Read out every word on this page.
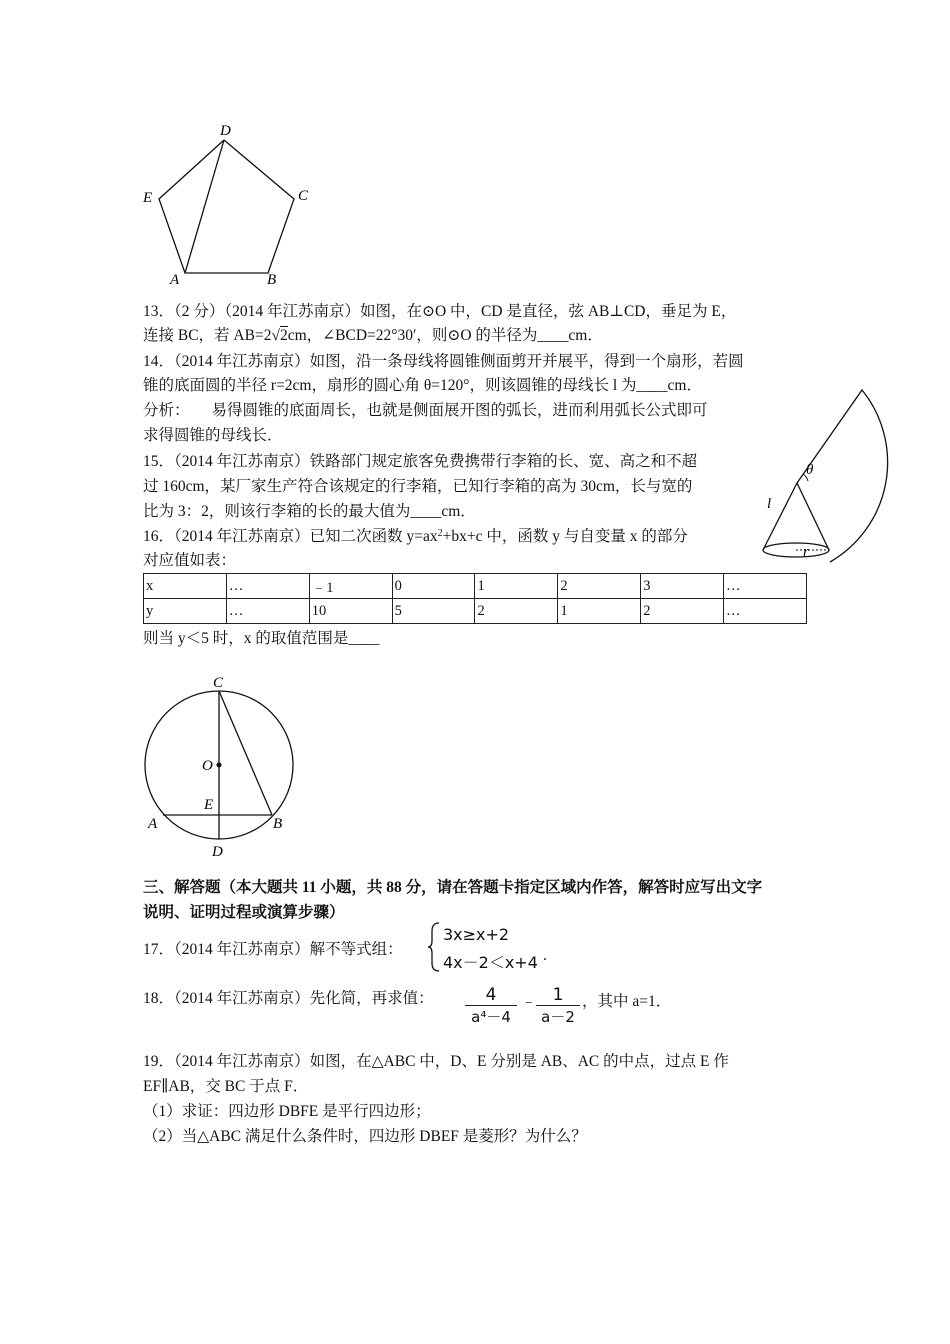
D
E	C
A	B
13．（2 分）（2014 年江苏南京）如图，在⊙O 中，CD 是直径，弦 AB⊥CD，垂足为 E，
连接 BC，若 AB=2√2cm，∠BCD=22°30′，则⊙O 的半径为____cm．
14．（2014 年江苏南京）如图，沿一条母线将圆锥侧面剪开并展平，得到一个扇形，若圆
锥的底面圆的半径 r=2cm，扇形的圆心角 θ=120°，则该圆锥的母线长 l 为____cm．
分析： 易得圆锥的底面周长，也就是侧面展开图的弧长，进而利用弧长公式即可
求得圆锥的母线长．
θ
l
r
15．（2014 年江苏南京）铁路部门规定旅客免费携带行李箱的长、宽、高之和不超
过 160cm，某厂家生产符合该规定的行李箱，已知行李箱的高为 30cm，长与宽的
比为 3：2，则该行李箱的长的最大值为____cm．
16．（2014 年江苏南京）已知二次函数 $y=ax^2+bx+c$ 中，函数 y 与自变量 x 的部分
对应值如表：
x	…	﹣1	0	1	2	3	…
y	…	10	5	2	1	2	…
则当 y＜5 时，x 的取值范围是____
C
O
E
A	B
D
三、解答题（本大题共 11 小题，共 88 分，请在答题卡指定区域内作答，解答时应写出文字
说明、证明过程或演算步骤）
17．（2014 年江苏南京）解不等式组：
3x≥x+2
4x－2＜x+4 .
18．（2014 年江苏南京）先化简，再求值： $\frac{4}{\text{a⁴－4}}$ ﹣ $\frac{1}{a-2}$ ，其中 a=1．
19．（2014 年江苏南京）如图，在△ABC 中，D、E 分别是 AB、AC 的中点，过点 E 作
EF∥AB，交 BC 于点 F．
（1）求证：四边形 DBFE 是平行四边形；
（2）当△ABC 满足什么条件时，四边形 DBEF 是菱形？为什么？
